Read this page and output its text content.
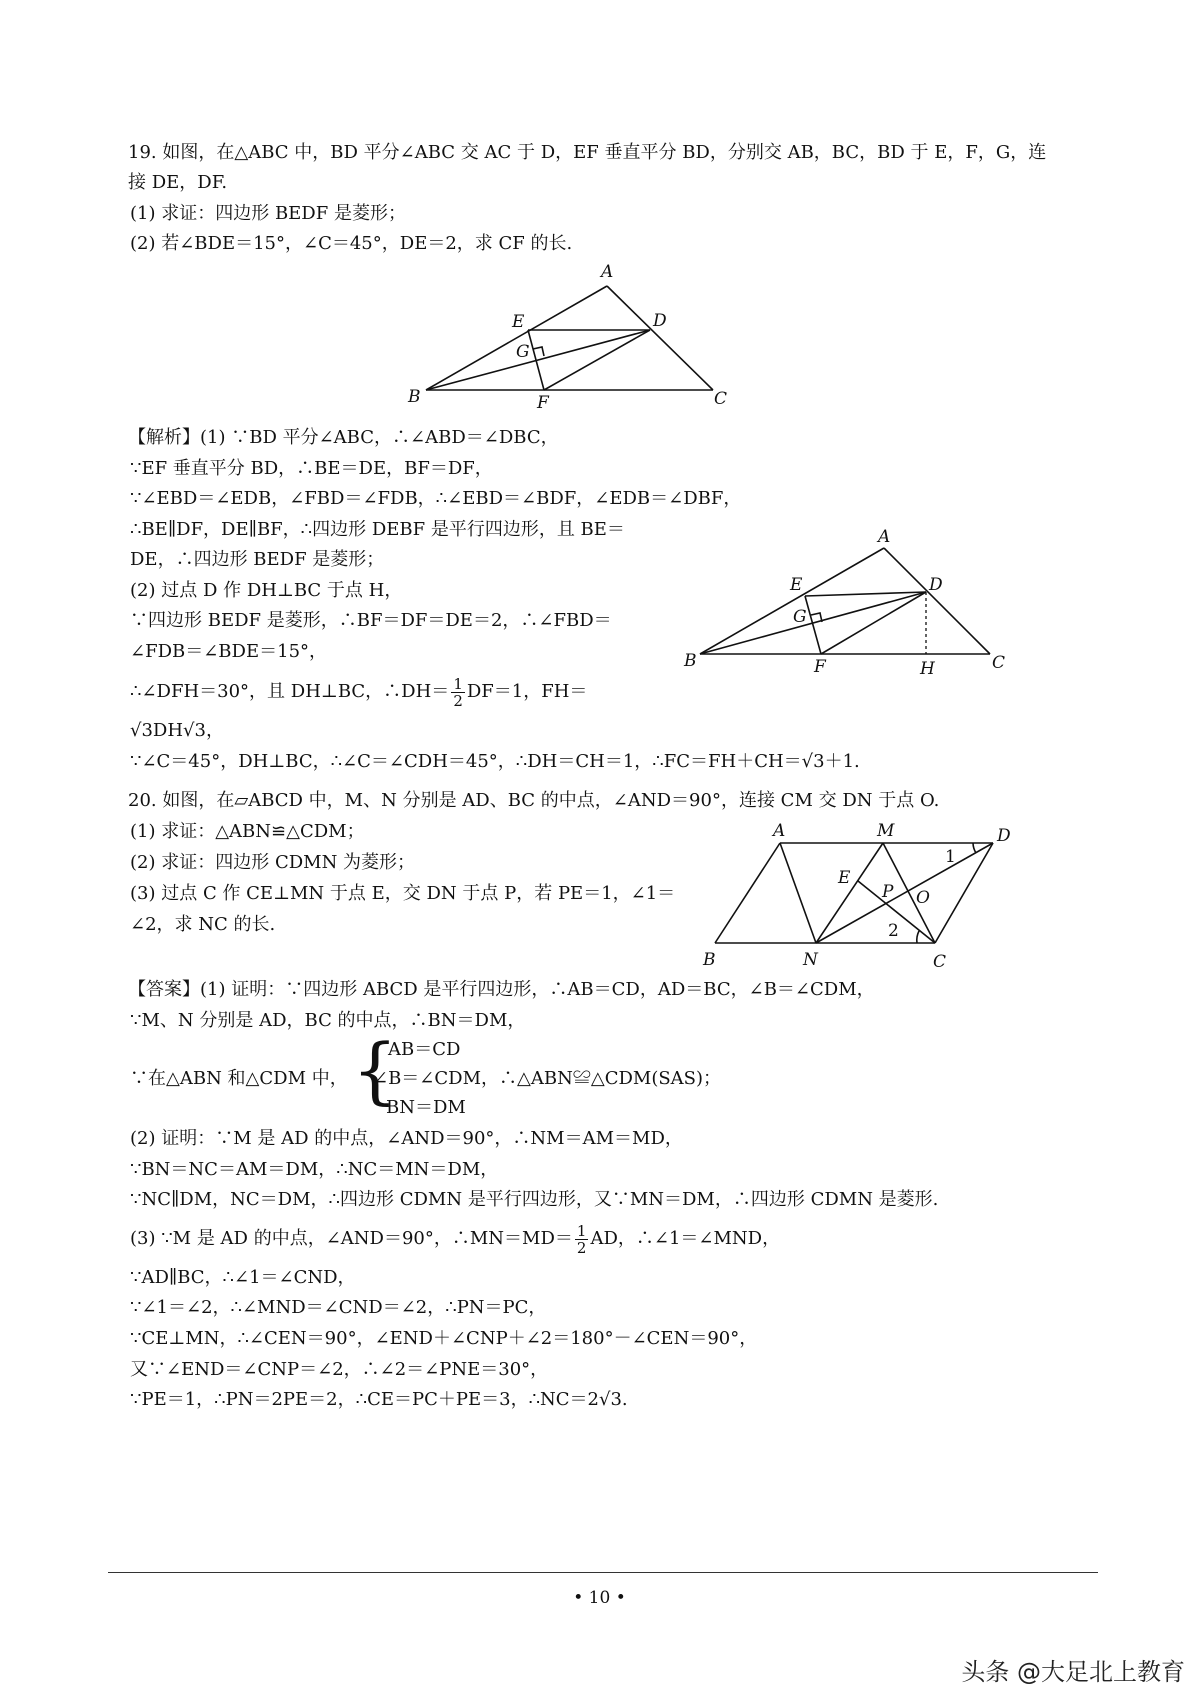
19. 如图，在△ABC 中，BD 平分∠ABC 交 AC 于 D，EF 垂直平分 BD，分别交 AB，BC，BD 于 E，F，G，连
接 DE，DF.
(1) 求证：四边形 BEDF 是菱形；
(2) 若∠BDE＝15°，∠C＝45°，DE＝2，求 CF 的长.
A
E	D
G
B	F	C
【解析】(1) ∵BD 平分∠ABC，∴∠ABD＝∠DBC，
∵EF 垂直平分 BD，∴BE＝DE，BF＝DF，
∵∠EBD＝∠EDB，∠FBD＝∠FDB，∴∠EBD＝∠BDF，∠EDB＝∠DBF，
∴BE∥DF，DE∥BF，∴四边形 DEBF 是平行四边形，且 BE＝
DE，∴四边形 BEDF 是菱形；
(2) 过点 D 作 DH⊥BC 于点 H，
∵四边形 BEDF 是菱形，∴BF＝DF＝DE＝2，∴∠FBD＝
∠FDB＝∠BDE＝15°，
∴∠DFH＝30°，且 DH⊥BC，∴DH＝ $\frac{1}{2} DF=1$，FH＝
√3DH√3，
∵∠C＝45°，DH⊥BC，∴∠C＝∠CDH＝45°，∴DH＝CH＝1，∴FC＝FH＋CH＝√3＋1.
A
E	D
G
B	F	H	C
20. 如图，在▱ABCD 中，M、N 分别是 AD、BC 的中点，∠AND＝90°，连接 CM 交 DN 于点 O.
(1) 求证：△ABN≌△CDM；
(2) 求证：四边形 CDMN 为菱形；
(3) 过点 C 作 CE⊥MN 于点 E，交 DN 于点 P，若 PE＝1，∠1＝
∠2，求 NC 的长.
A	M	D
1
E
P O
2
B	N	C
【答案】(1) 证明：∵四边形 ABCD 是平行四边形，∴AB＝CD，AD＝BC，∠B＝∠CDM，
∵M、N 分别是 AD，BC 的中点，∴BN＝DM，
∵在△ABN 和△CDM 中， {
AB＝CD
∠B＝∠CDM，∴△ABN≌△CDM(SAS)；
BN＝DM
(2) 证明：∵M 是 AD 的中点，∠AND＝90°，∴NM＝AM＝MD，
∵BN＝NC＝AM＝DM，∴NC＝MN＝DM，
∵NC∥DM，NC＝DM，∴四边形 CDMN 是平行四边形，又∵MN＝DM，∴四边形 CDMN 是菱形.
(3) ∵M 是 AD 的中点，∠AND＝90°，∴MN＝MD＝ $\frac{1}{2}$ AD，∴∠1＝∠MND，
∵AD∥BC，∴∠1＝∠CND，
∵∠1＝∠2，∴∠MND＝∠CND＝∠2，∴PN＝PC，
∵CE⊥MN，∴∠CEN＝90°，∠END＋∠CNP＋∠2＝180°－∠CEN＝90°，
又∵∠END＝∠CNP＝∠2，∴∠2＝∠PNE＝30°，
∵PE＝1，∴PN＝2PE＝2，∴CE＝PC＋PE＝3，∴NC＝2√3.
• 10 •
头条 @大足北上教育
